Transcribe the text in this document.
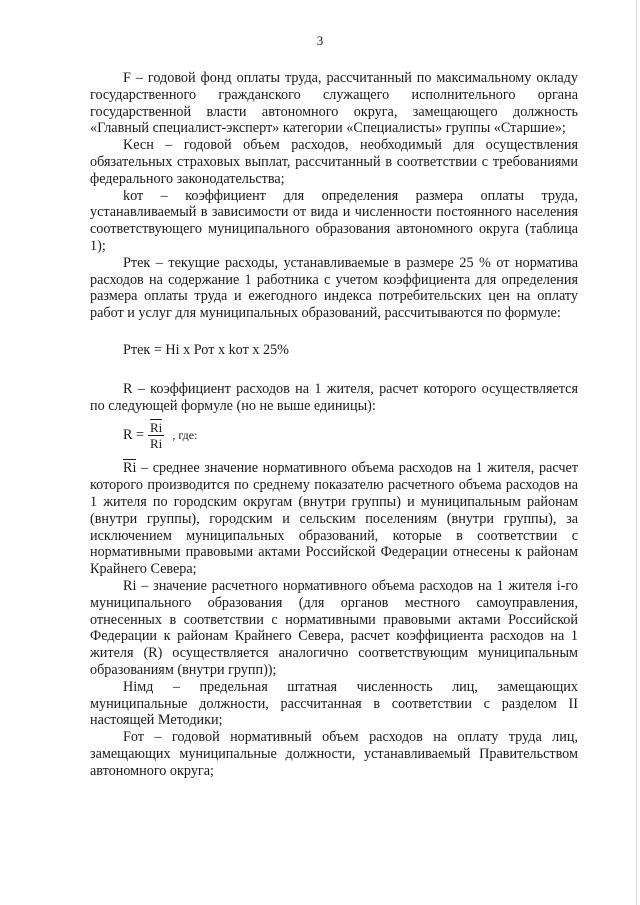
3

F – годовой фонд оплаты труда, рассчитанный по максимальному окладу государственного гражданского служащего исполнительного органа государственной власти автономного округа, замещающего должность «Главный специалист-эксперт» категории «Специалисты» группы «Старшие»;

Kесн – годовой объем расходов, необходимый для осуществления обязательных страховых выплат, рассчитанный в соответствии с требованиями федерального законодательства;

kот – коэффициент для определения размера оплаты труда, устанавливаемый в зависимости от вида и численности постоянного населения соответствующего муниципального образования автономного округа (таблица 1);

Ртек – текущие расходы, устанавливаемые в размере 25 % от норматива расходов на содержание 1 работника с учетом коэффициента для определения размера оплаты труда и ежегодного индекса потребительских цен на оплату работ и услуг для муниципальных образований, рассчитываются по формуле:

Ртек = Hi x Рот x kот x 25%

R – коэффициент расходов на 1 жителя, расчет которого осуществляется по следующей формуле (но не выше единицы):

$R = \frac{Ri}{Ri}$ , где:

Ri – среднее значение нормативного объема расходов на 1 жителя, расчет которого производится по среднему показателю расчетного объема расходов на 1 жителя по городским округам (внутри группы) и муниципальным районам (внутри группы), городским и сельским поселениям (внутри группы), за исключением муниципальных образований, которые в соответствии с нормативными правовыми актами Российской Федерации отнесены к районам Крайнего Севера;

Ri – значение расчетного нормативного объема расходов на 1 жителя i-го муниципального образования (для органов местного самоуправления, отнесенных в соответствии с нормативными правовыми актами Российской Федерации к районам Крайнего Севера, расчет коэффициента расходов на 1 жителя (R) осуществляется аналогично соответствующим муниципальным образованиям (внутри групп));

Hiмд – предельная штатная численность лиц, замещающих муниципальные должности, рассчитанная в соответствии с разделом II настоящей Методики;

Fот – годовой нормативный объем расходов на оплату труда лиц, замещающих муниципальные должности, устанавливаемый Правительством автономного округа;
